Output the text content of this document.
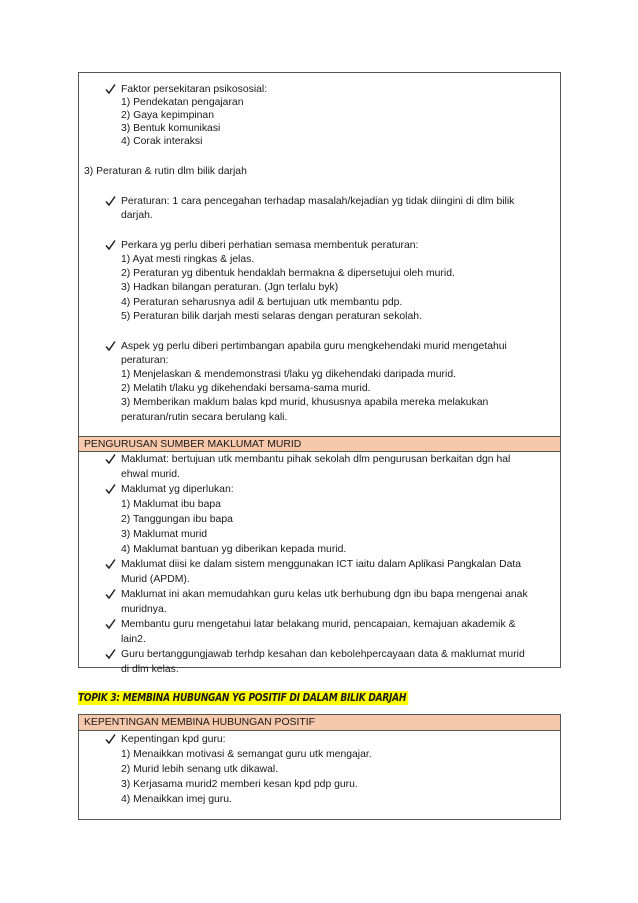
Faktor persekitaran psikososial:
1) Pendekatan pengajaran
2) Gaya kepimpinan
3) Bentuk komunikasi
4) Corak interaksi
3) Peraturan & rutin dlm bilik darjah
Peraturan: 1 cara pencegahan terhadap masalah/kejadian yg tidak diingini di dlm bilik
darjah.
Perkara yg perlu diberi perhatian semasa membentuk peraturan:
1) Ayat mesti ringkas & jelas.
2) Peraturan yg dibentuk hendaklah bermakna & dipersetujui oleh murid.
3) Hadkan bilangan peraturan. (Jgn terlalu byk)
4) Peraturan seharusnya adil & bertujuan utk membantu pdp.
5) Peraturan bilik darjah mesti selaras dengan peraturan sekolah.
Aspek yg perlu diberi pertimbangan apabila guru mengkehendaki murid mengetahui
peraturan:
1) Menjelaskan & mendemonstrasi t/laku yg dikehendaki daripada murid.
2) Melatih t/laku yg dikehendaki bersama-sama murid.
3) Memberikan maklum balas kpd murid, khususnya apabila mereka melakukan
peraturan/rutin secara berulang kali.
PENGURUSAN SUMBER MAKLUMAT MURID
Maklumat: bertujuan utk membantu pihak sekolah dlm pengurusan berkaitan dgn hal
ehwal murid.
Maklumat yg diperlukan:
1) Maklumat ibu bapa
2) Tanggungan ibu bapa
3) Maklumat murid
4) Maklumat bantuan yg diberikan kepada murid.
Maklumat diisi ke dalam sistem menggunakan ICT iaitu dalam Aplikasi Pangkalan Data
Murid (APDM).
Maklumat ini akan memudahkan guru kelas utk berhubung dgn ibu bapa mengenai anak
muridnya.
Membantu guru mengetahui latar belakang murid, pencapaian, kemajuan akademik &
lain2.
Guru bertanggungjawab terhdp kesahan dan kebolehpercayaan data & maklumat murid
di dlm kelas.
TOPIK 3: MEMBINA HUBUNGAN YG POSITIF DI DALAM BILIK DARJAH
KEPENTINGAN MEMBINA HUBUNGAN POSITIF
Kepentingan kpd guru:
1) Menaikkan motivasi & semangat guru utk mengajar.
2) Murid lebih senang utk dikawal.
3) Kerjasama murid2 memberi kesan kpd pdp guru.
4) Menaikkan imej guru.
